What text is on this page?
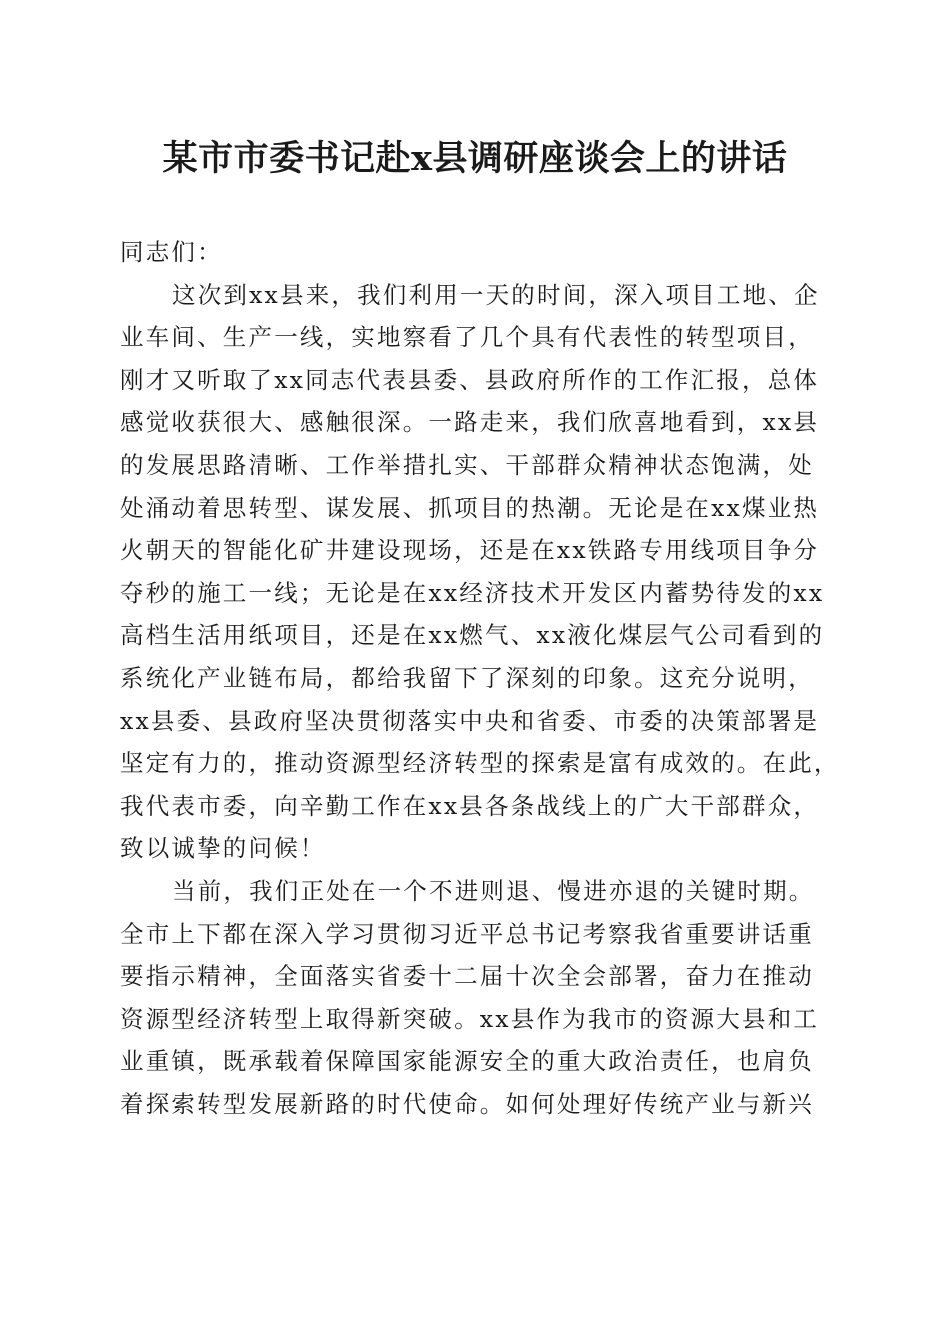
某市市委书记赴x县调研座谈会上的讲话
同志们：
这次到xx县来，我们利用一天的时间，深入项目工地、企
业车间、生产一线，实地察看了几个具有代表性的转型项目，
刚才又听取了xx同志代表县委、县政府所作的工作汇报，总体
感觉收获很大、感触很深。一路走来，我们欣喜地看到，xx县
的发展思路清晰、工作举措扎实、干部群众精神状态饱满，处
处涌动着思转型、谋发展、抓项目的热潮。无论是在xx煤业热
火朝天的智能化矿井建设现场，还是在xx铁路专用线项目争分
夺秒的施工一线；无论是在xx经济技术开发区内蓄势待发的xx
高档生活用纸项目，还是在xx燃气、xx液化煤层气公司看到的
系统化产业链布局，都给我留下了深刻的印象。这充分说明，
xx县委、县政府坚决贯彻落实中央和省委、市委的决策部署是
坚定有力的，推动资源型经济转型的探索是富有成效的。在此，
我代表市委，向辛勤工作在xx县各条战线上的广大干部群众，
致以诚挚的问候！
当前，我们正处在一个不进则退、慢进亦退的关键时期。
全市上下都在深入学习贯彻习近平总书记考察我省重要讲话重
要指示精神，全面落实省委十二届十次全会部署，奋力在推动
资源型经济转型上取得新突破。xx县作为我市的资源大县和工
业重镇，既承载着保障国家能源安全的重大政治责任，也肩负
着探索转型发展新路的时代使命。如何处理好传统产业与新兴
